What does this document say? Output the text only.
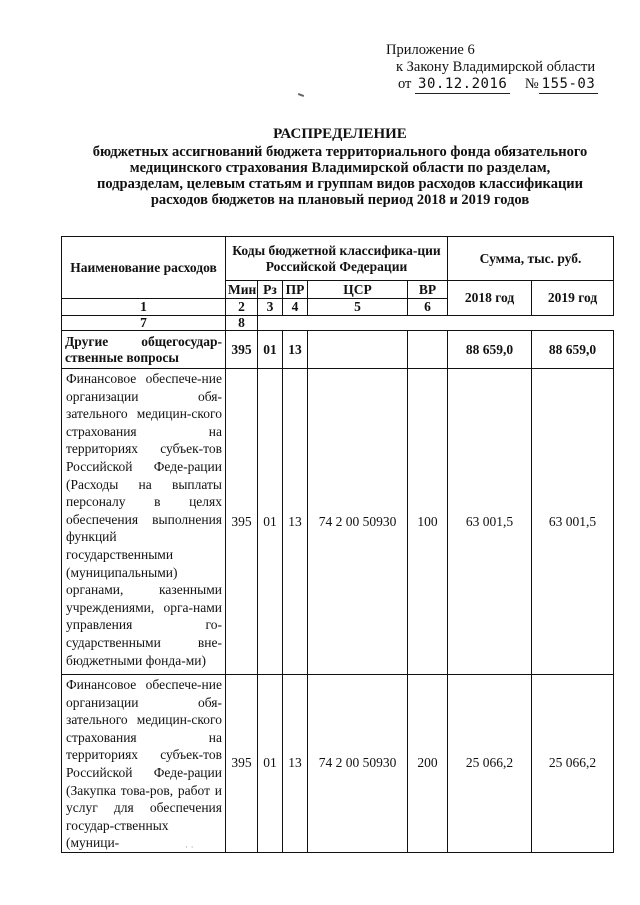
Приложение 6
к Закону Владимирской области
от 30.12.2016 № 155-03
РАСПРЕДЕЛЕНИЕ
бюджетных ассигнований бюджета территориального фонда обязательного
медицинского страхования Владимирской области по разделам,
подразделам, целевым статьям и группам видов расходов классификации
расходов бюджетов на плановый период 2018 и 2019 годов
Наименование расходов	Коды бюджетной классифика-ции Российской Федерации					Сумма, тыс. руб.	
	Мин	Рз	ПР	ЦСР	ВР	2018 год	2019 год
1	2	3	4	5	6		
7	8						
Другие общегосудар-ственные вопросы	395	01	13			88 659,0	88 659,0
Финансовое обеспече-ние организации обя-зательного медицин-ского страхования на территориях субъек-тов Российской Феде-рации (Расходы на выплаты персоналу в целях обеспечения выполнения функций государственными (муниципальными) органами, казенными учреждениями, орга-нами управления го-сударственными вне-бюджетными фонда-ми)	395	01	13	74 2 00 50930	100	63 001,5	63 001,5
Финансовое обеспече-ние организации обя-зательного медицин-ского страхования на территориях субъек-тов Российской Феде-рации (Закупка това-ров, работ и услуг для обеспечения государ-ственных (муници-	395	01	13	74 2 00 50930	200	25 066,2	25 066,2
· ·
